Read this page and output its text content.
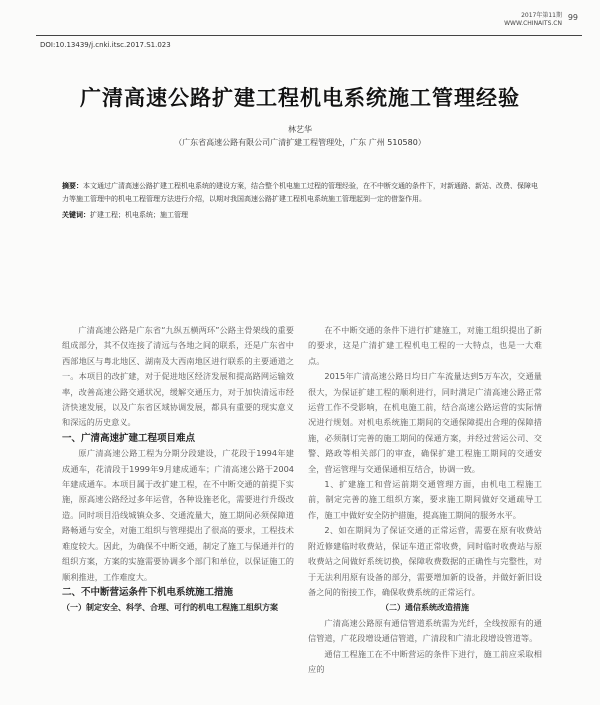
2017年第11期
WWW.CHINAITS.CN
99
DOI:10.13439/j.cnki.itsc.2017.S1.023
广清高速公路扩建工程机电系统施工管理经验
林艺华
（广东省高速公路有限公司广清扩建工程管理处，广东 广州 510580）
摘要：本文通过广清高速公路扩建工程机电系统的建设方案，结合整个机电施工过程的管理经验，在不中断交通的条件下，对新通路、新站、改费、保障电力等施工管理中的机电工程管理方法进行介绍，以期对我国高速公路扩建工程机电系统施工管理起到一定的借鉴作用。
关键词：扩建工程；机电系统；施工管理

广清高速公路是广东省“九纵五横两环”公路主骨架线的重要组成部分，其不仅连接了清远与各地之间的联系，还是广东省中西部地区与粤北地区、湖南及大西南地区进行联系的主要通道之一。本项目的改扩建，对于促进地区经济发展和提高路网运输效率，改善高速公路交通状况，缓解交通压力，对于加快清远市经济快速发展，以及广东省区域协调发展，都具有重要的现实意义和深远的历史意义。

一、广清高速扩建工程项目难点

原广清高速公路工程为分期分段建设，广花段于1994年建成通车，花清段于1999年9月建成通车；广清高速公路于2004年建成通车。本项目属于改扩建工程，在不中断交通的前提下实施，原高速公路经过多年运营，各种设施老化，需要进行升级改造。同时项目沿线城镇众多、交通流量大，施工期间必须保障道路畅通与安全，对施工组织与管理提出了很高的要求，工程技术难度较大。因此，为确保不中断交通，制定了施工与保通并行的组织方案，方案的实施需要协调多个部门和单位，以保证施工的顺利推进，工作难度大。

二、不中断营运条件下机电系统施工措施

（一）制定安全、科学、合理、可行的机电工程施工组织方案

在不中断交通的条件下进行扩建施工，对施工组织提出了新的要求，这是广清扩建工程机电工程的一大特点，也是一大难点。

2015年广清高速公路日均日广车流量达到5万车次，交通量很大，为保证扩建工程的顺利进行，同时满足广清高速公路正常运营工作不受影响，在机电施工前，结合高速公路运营的实际情况进行规划。对机电系统施工期间的交通保障提出合理的保障措施，必须制订完善的施工期间的保通方案，并经过营运公司、交警、路政等相关部门的审查，确保扩建工程施工期间的交通安全，营运管理与交通保通相互结合，协调一致。

1、扩建施工和营运前期交通管理方面，由机电工程施工前，制定完善的施工组织方案，要求施工期间做好交通疏导工作，施工中做好安全防护措施，提高施工期间的服务水平。

2、如在期间为了保证交通的正常运营，需要在原有收费站附近修建临时收费站，保证车道正常收费，同时临时收费站与原收费站之间做好系统切换，保障收费数据的正确性与完整性，对于无法利用原有设备的部分，需要增加新的设备，并做好新旧设备之间的衔接工作，确保收费系统的正常运行。

（二）通信系统改造措施

广清高速公路原有通信管道系统需为光纤，全线按原有的通信管道，广花段增设通信管道，广清段和广清北段增设管道等。

通信工程施工在不中断营运的条件下进行，施工前应采取相应的
